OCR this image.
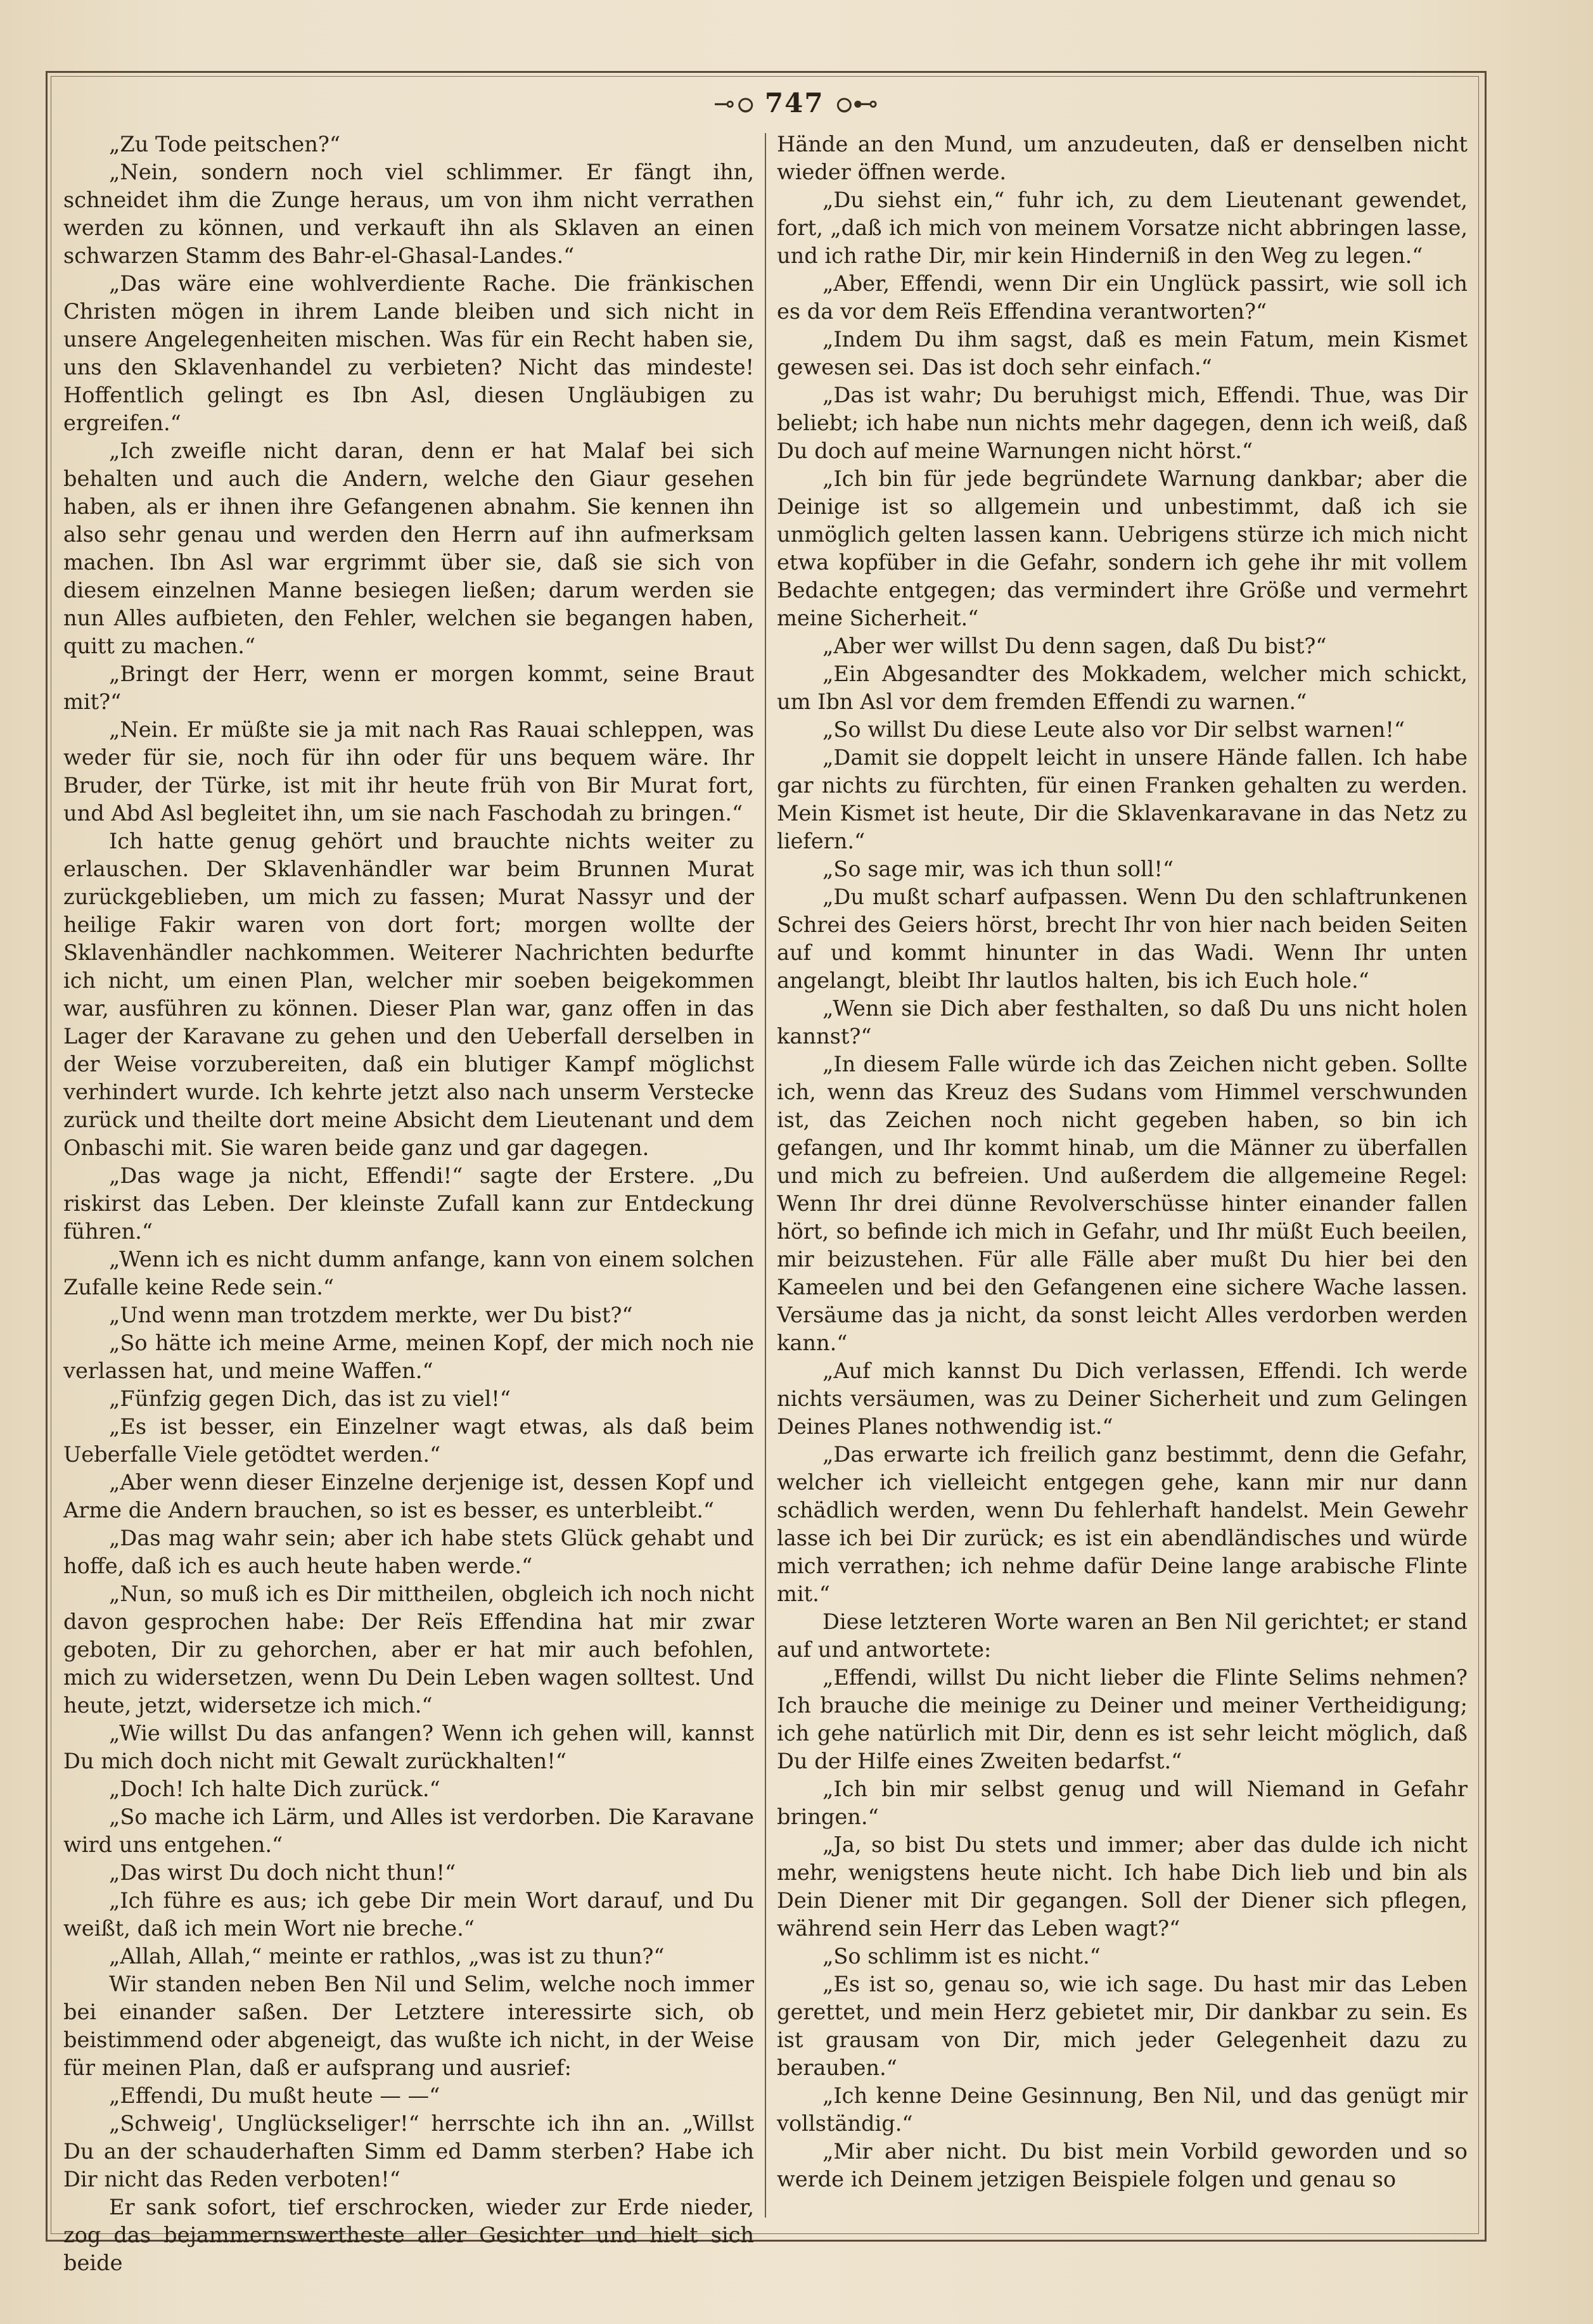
⊸ഠ 747 ഠ⊷

„Zu Tode peitschen?“

„Nein, sondern noch viel schlimmer. Er fängt ihn, schneidet ihm die Zunge heraus, um von ihm nicht verrathen werden zu können, und verkauft ihn als Sklaven an einen schwarzen Stamm des Bahr-el-Ghasal-Landes.“

„Das wäre eine wohlverdiente Rache. Die fränkischen Christen mögen in ihrem Lande bleiben und sich nicht in unsere Angelegenheiten mischen. Was für ein Recht haben sie, uns den Sklavenhandel zu verbieten? Nicht das mindeste! Hoffentlich gelingt es Ibn Asl, diesen Ungläubigen zu ergreifen.“

„Ich zweifle nicht daran, denn er hat Malaf bei sich behalten und auch die Andern, welche den Giaur gesehen haben, als er ihnen ihre Gefangenen abnahm. Sie kennen ihn also sehr genau und werden den Herrn auf ihn aufmerksam machen. Ibn Asl war ergrimmt über sie, daß sie sich von diesem einzelnen Manne besiegen ließen; darum werden sie nun Alles aufbieten, den Fehler, welchen sie begangen haben, quitt zu machen.“

„Bringt der Herr, wenn er morgen kommt, seine Braut mit?“

„Nein. Er müßte sie ja mit nach Ras Rauai schleppen, was weder für sie, noch für ihn oder für uns bequem wäre. Ihr Bruder, der Türke, ist mit ihr heute früh von Bir Murat fort, und Abd Asl begleitet ihn, um sie nach Faschodah zu bringen.“

Ich hatte genug gehört und brauchte nichts weiter zu erlauschen. Der Sklavenhändler war beim Brunnen Murat zurückgeblieben, um mich zu fassen; Murat Nassyr und der heilige Fakir waren von dort fort; morgen wollte der Sklavenhändler nachkommen. Weiterer Nachrichten bedurfte ich nicht, um einen Plan, welcher mir soeben beigekommen war, ausführen zu können. Dieser Plan war, ganz offen in das Lager der Karavane zu gehen und den Ueberfall derselben in der Weise vorzubereiten, daß ein blutiger Kampf möglichst verhindert wurde. Ich kehrte jetzt also nach unserm Verstecke zurück und theilte dort meine Absicht dem Lieutenant und dem Onbaschi mit. Sie waren beide ganz und gar dagegen.

„Das wage ja nicht, Effendi!“ sagte der Erstere. „Du riskirst das Leben. Der kleinste Zufall kann zur Entdeckung führen.“

„Wenn ich es nicht dumm anfange, kann von einem solchen Zufalle keine Rede sein.“

„Und wenn man trotzdem merkte, wer Du bist?“

„So hätte ich meine Arme, meinen Kopf, der mich noch nie verlassen hat, und meine Waffen.“

„Fünfzig gegen Dich, das ist zu viel!“

„Es ist besser, ein Einzelner wagt etwas, als daß beim Ueberfalle Viele getödtet werden.“

„Aber wenn dieser Einzelne derjenige ist, dessen Kopf und Arme die Andern brauchen, so ist es besser, es unterbleibt.“

„Das mag wahr sein; aber ich habe stets Glück gehabt und hoffe, daß ich es auch heute haben werde.“

„Nun, so muß ich es Dir mittheilen, obgleich ich noch nicht davon gesprochen habe: Der Reïs Effendina hat mir zwar geboten, Dir zu gehorchen, aber er hat mir auch befohlen, mich zu widersetzen, wenn Du Dein Leben wagen solltest. Und heute, jetzt, widersetze ich mich.“

„Wie willst Du das anfangen? Wenn ich gehen will, kannst Du mich doch nicht mit Gewalt zurückhalten!“

„Doch! Ich halte Dich zurück.“

„So mache ich Lärm, und Alles ist verdorben. Die Karavane wird uns entgehen.“

„Das wirst Du doch nicht thun!“

„Ich führe es aus; ich gebe Dir mein Wort darauf, und Du weißt, daß ich mein Wort nie breche.“

„Allah, Allah,“ meinte er rathlos, „was ist zu thun?“

Wir standen neben Ben Nil und Selim, welche noch immer bei einander saßen. Der Letztere interessirte sich, ob beistimmend oder abgeneigt, das wußte ich nicht, in der Weise für meinen Plan, daß er aufsprang und ausrief:

„Effendi, Du mußt heute — —“

„Schweig', Unglückseliger!“ herrschte ich ihn an. „Willst Du an der schauderhaften Simm ed Damm sterben? Habe ich Dir nicht das Reden verboten!“

Er sank sofort, tief erschrocken, wieder zur Erde nieder, zog das bejammernswertheste aller Gesichter und hielt sich beide

Hände an den Mund, um anzudeuten, daß er denselben nicht wieder öffnen werde.

„Du siehst ein,“ fuhr ich, zu dem Lieutenant gewendet, fort, „daß ich mich von meinem Vorsatze nicht abbringen lasse, und ich rathe Dir, mir kein Hinderniß in den Weg zu legen.“

„Aber, Effendi, wenn Dir ein Unglück passirt, wie soll ich es da vor dem Reïs Effendina verantworten?“

„Indem Du ihm sagst, daß es mein Fatum, mein Kismet gewesen sei. Das ist doch sehr einfach.“

„Das ist wahr; Du beruhigst mich, Effendi. Thue, was Dir beliebt; ich habe nun nichts mehr dagegen, denn ich weiß, daß Du doch auf meine Warnungen nicht hörst.“

„Ich bin für jede begründete Warnung dankbar; aber die Deinige ist so allgemein und unbestimmt, daß ich sie unmöglich gelten lassen kann. Uebrigens stürze ich mich nicht etwa kopfüber in die Gefahr, sondern ich gehe ihr mit vollem Bedachte entgegen; das vermindert ihre Größe und vermehrt meine Sicherheit.“

„Aber wer willst Du denn sagen, daß Du bist?“

„Ein Abgesandter des Mokkadem, welcher mich schickt, um Ibn Asl vor dem fremden Effendi zu warnen.“

„So willst Du diese Leute also vor Dir selbst warnen!“

„Damit sie doppelt leicht in unsere Hände fallen. Ich habe gar nichts zu fürchten, für einen Franken gehalten zu werden. Mein Kismet ist heute, Dir die Sklavenkaravane in das Netz zu liefern.“

„So sage mir, was ich thun soll!“

„Du mußt scharf aufpassen. Wenn Du den schlaftrunkenen Schrei des Geiers hörst, brecht Ihr von hier nach beiden Seiten auf und kommt hinunter in das Wadi. Wenn Ihr unten angelangt, bleibt Ihr lautlos halten, bis ich Euch hole.“

„Wenn sie Dich aber festhalten, so daß Du uns nicht holen kannst?“

„In diesem Falle würde ich das Zeichen nicht geben. Sollte ich, wenn das Kreuz des Sudans vom Himmel verschwunden ist, das Zeichen noch nicht gegeben haben, so bin ich gefangen, und Ihr kommt hinab, um die Männer zu überfallen und mich zu befreien. Und außerdem die allgemeine Regel: Wenn Ihr drei dünne Revolverschüsse hinter einander fallen hört, so befinde ich mich in Gefahr, und Ihr müßt Euch beeilen, mir beizustehen. Für alle Fälle aber mußt Du hier bei den Kameelen und bei den Gefangenen eine sichere Wache lassen. Versäume das ja nicht, da sonst leicht Alles verdorben werden kann.“

„Auf mich kannst Du Dich verlassen, Effendi. Ich werde nichts versäumen, was zu Deiner Sicherheit und zum Gelingen Deines Planes nothwendig ist.“

„Das erwarte ich freilich ganz bestimmt, denn die Gefahr, welcher ich vielleicht entgegen gehe, kann mir nur dann schädlich werden, wenn Du fehlerhaft handelst. Mein Gewehr lasse ich bei Dir zurück; es ist ein abendländisches und würde mich verrathen; ich nehme dafür Deine lange arabische Flinte mit.“

Diese letzteren Worte waren an Ben Nil gerichtet; er stand auf und antwortete:

„Effendi, willst Du nicht lieber die Flinte Selims nehmen? Ich brauche die meinige zu Deiner und meiner Vertheidigung; ich gehe natürlich mit Dir, denn es ist sehr leicht möglich, daß Du der Hilfe eines Zweiten bedarfst.“

„Ich bin mir selbst genug und will Niemand in Gefahr bringen.“

„Ja, so bist Du stets und immer; aber das dulde ich nicht mehr, wenigstens heute nicht. Ich habe Dich lieb und bin als Dein Diener mit Dir gegangen. Soll der Diener sich pflegen, während sein Herr das Leben wagt?“

„So schlimm ist es nicht.“

„Es ist so, genau so, wie ich sage. Du hast mir das Leben gerettet, und mein Herz gebietet mir, Dir dankbar zu sein. Es ist grausam von Dir, mich jeder Gelegenheit dazu zu berauben.“

„Ich kenne Deine Gesinnung, Ben Nil, und das genügt mir vollständig.“

„Mir aber nicht. Du bist mein Vorbild geworden und so werde ich Deinem jetzigen Beispiele folgen und genau so
